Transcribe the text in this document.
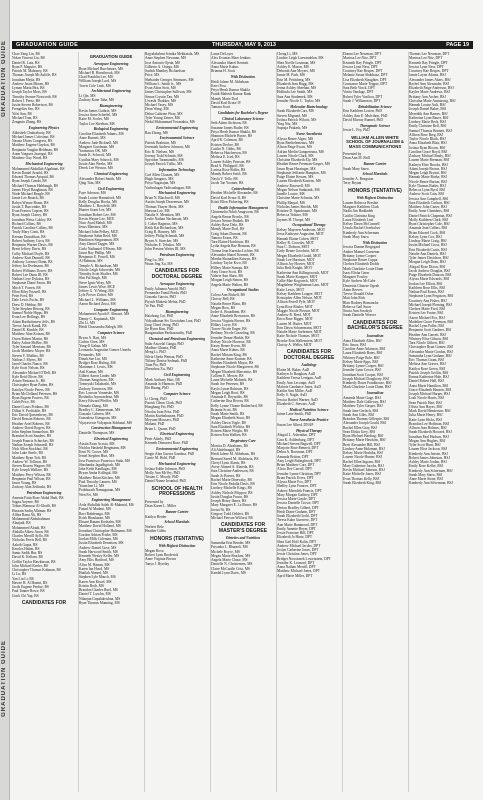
GRADUATION GUIDE
GRADUATION GUIDE
GRADUATION GUIDE	THURSDAY, MAY 9, 2013	PAGE 19
Chao Yang Lin, BS
Nolan Vincent Liu, BS
Daniel R. Lutz, BS
Ryan P. Maguire, BS
Patrick M. Mahoney, BS
Thomas Joseph McAuliffe, BS
Jonathan Mejia, BS
Andrew Jason Moran, BS
Lyman Maria Mra, BS
Joseph Taylor Moss, BS
Timothy Jerome Nosworth, BS
Robert J. Perez, BS
Justin Steven Robertson, BS
Frengelies Seo, BS
Yifei Sun, BS
Michael Tran, BS
Zengmin Zhang, BS
Engineering Physics
Abhishek Chakraborty, BS
Michael James Colosimo, BS
Nasnia Ubaes Congress, BS
Matthew Eugene Gaydon, BS
Benjamin Vaughn Heldman, BS
Aram Vazguez Jaureguí, BS
Matthew Guy Wood, BS
Mechanical Engineering
Mohammed Abdullah Algahtani, BS
Kevin Daniel Arnold, BS
Edward Thomas Ayiquid, BS
Ryan Joseph Cambi, BS
Michael Thomas Habbaugh, BS
James Floyd Baughman, BS
Wade Michael Beagle, BS
Jamie Lee Braack, BS
Robyn Wynne Braun, BS
Justin T. Burcombe, BS
Evan Francis Capron, BS
Ryan Joseph Clancy, BS
Jonathon Weiss Cokley, BS
Richard Collins, BS
Patrick Caroline Collins, BS
Trudy Mary Conti, BS
Keenan Donaldson, BS
Robert Anthony Cuva, BS
Benjamin Warner Davis, BS
Brent Jeffrey Davis, BS
Colby Michael Doyle, BS
Andrew Kurt Dunnell, BS
Anthony Lorenzo Dunn, BS
Jeffrey Ira Dvelmann, BS
Robert Williams Dower, BS
Robert Lee Dunn III, BS
Nathan Coye Dykstra, BS
Stephanie Diane Faron, BS
Mitch T. Farren, BS
Ellen Riley Frizzell, BS
Peter Fred, BS
Dale Lewis Fuchs, BS
Drew D. Hebbar, BS
Tyler Stephen Herzog, BS
Samuel Noble Hipps, BS
Evan Lee Hollings, BS
Adam Bartholomew Jeffs, BS
Trevor Jacob Kandl, BS
Daniel R. Kimble, BS
Matthew Alan Kotzan, BS
Owen Robert Martin, BS
Haley Arline McBee, BS
Tyler Samuel Merriam, BS
Jacob Matthew Moyer, BS
Steven V. Mullins, BS
Nathan J. Myers, BS
Jared Charles Nance, BS
Kyle Scott Nelson, BS
Alexander Michael O'Dell, BS
Kyle Reid Oliver, BS
Arturo Pastrana Jr., BS
Christopher Ryan Patten, BS
Katelyn Nicole Peters, BS
Brian McClelland Petersen, BS
Ryan Eugene Powers, BS
Caleb Price, BS
Daniel Louis Pridaux, BS
Dillon S. Profitable, BS
Eric David Quesenberry, BS
David Benson Roberts, BS
Heather Ariel Roberts, BS
Andrew David Rogers, BS
John Stephen Samuelson, BS
Brandon Scott Sanders, BS
Joseph Francis Schuckes, BS
Nathan Joseph Schnaedl, BS
Nick Allen Stockhof, BS
John Luke Steele, BS
Matthew Ryan Toft, BS
Andrew W. Tollison, BS
Steven Rowen Wagner, BS
Kyle Joseph Wallace, BS
Matthew Perry Wilson, BS
Benjamin Paul Wilson, BS
Jason Young, BS
Zachary Alan Zeilinski, BS
Petroleum Engineering
Amenta Fatin Rose Abdul Hadi, BS
Sagau Aoyene, BS
Tobias Mansour Al-Ghafli, BS
Hussain Sadiq Alhimar, BS
Alffea Rami Ali, BS
Mohammad Abdulrahman
Alnajadi, BS
Mohammed Alradi, BS
Abdulla Alkew Anon, BS
Charles Merrill Ayllo, BS
Nicholas Ferris Bell, BS
Aakob Gupta, BS
Kerolos Halim, BS
Samir Sadik Hur, BS
David K. Kellam, BS
Griffin Taylor Hawkinson, BS
John Michael Keeler, BS
Christopher Thomas Kuhman, BS
Li Lu, BS
Yan Lin Li, BS
Hawee H. Al Hazmi, BS
Jacob Eugene Perdue, BS
Paul Tanner Rowe, BS
Gook Chi Yap, BS
CANDIDATES FOR
GRADUATION GUIDE
Aerospace Engineering
Ryan Michael Burchmore, MS
Michael B. Hornibrook, MS
Chad Franklin Lee, MS
William Joseph Lord, MS
Travis Cole Leak, MS
Architectural Engineering
Li Qin, MS
Zachary Kane Taha, MS
Bioengineering
Kevin James Guthrie, MS
Jessica Anne Scheffel, MS
Katie M. Scoles, MS
Taylor Lee Sheehan, MS
Biological Engineering
Caroline Elizabeth Adams, MS
Anne Burnett, MS
Andrew Jude Bicknell, MS
Margaret Goodman, MS
Yaonanwa OK, MS
Sarah K. Schrock, MS
Cynthia Mary Schrock, MS
Justin Alan Weeks, MS
Derek Lee Wesson, MS
Chemical Engineering
Alexander Robert Smith, MS
Qing Tian, MS
Civil Engineering
Faye Aderson, MS
Sarah Louise Hannaford, MS
Kelly Douglas Hooks, MS
Matthew L. Hossfeld, MS
Hunter Grant Lee, MS
Jonathan Robert Lee, MS
Kevin Wayne Lee, MCE
Noor Ayad Mahdi, MS
Jesus Martinez, MS
Michael John Pelkey, MCE
Stephanie Sahin Reid, MS
Hanifaron Singaraman, MS
Amy Daniel Tagger, MS
Carlo Nathaniel O'Hearn, MS
Jason Ray Phillip, MS
Benjamin E. Powell, MS
Al Rahman, MS
Temple A. Richardson, MS
Nicole Leigh Schroeder, MS
Timothy Scott Shaffer, MS
Shri Pal Singh, MS
Steve Ignio Wray, MS
James Lewis Wise, MCE
Jeffrey G. Yi Wang, MS
Lyle Prover Zicher, MS
Michael L. Williams, MS
Aaron Richard Zrust, MS
Computer Engineering
Mohammed Ayoub F. Almasri, MS
Danny C. Kuptanuk, MS
Zhi Li, MS
Heidi Chassandra Ralegh, MS
Computer Science
Bryan A. Bast, MS
Corbin Chen, MS
Yung-Il Gahan, MS
Leonardo Augustine Gomes Umeda
Fernandes, MS
Dinah Sue Lin, MS
Bridget Rose Huling, MS
Marianne J. Lewis, MS
Anil Kumar, MS
Gilbert Aaron Linder, MS
Thomas Sangchom, MS
Tomoyuki Takahashi, MS
Zachary Tonneson, MS
Eric Lawson Vonneske, MS
Roshnika Jayawardena, MS
Kerry Edward Pfeiffer, MS
Nirmala Zhang, MS
Bradley C. Zimmerman, MS
Gonzalo Cabrera, MS
Gonzalesz Giangosta, MS
Vijayaverur Vidyapraz Siddanal, MS
Construction Management
Danielle Thompson, MS
Electrical Engineering
Austin Evan Acosta, MS
Nichlos Hashehl Bergmann, MS
Kent W. Crowe, MS
Jemel Stephen Hurt, MS
Jose Francisco Francisco Suda, MS
Shashanka Jagadhgiosh, MS
Jake Keith Kaulkigas, MS
Bryan Amba Kollegal, MS
Matthew Brian Kitchen, MS
Paul Timothy Lanzen, MS
Yuanchen Li, MS
Prabhurath Namugunan, MS
Wen Fei, MS
Engineering Management
Arda Abdullah Saleh Al-Mahmid, MS
Fanad Al Madani, MS
Ravi Rabdenaga, MS
Krish Bhaskaran, MS
Ehsani Banam Koshalm, MS
Matthew David Holland, MS
Jonathan Christopher Haltmann, MS
Gordon Adrian Frisbe, MS
Jordan Mills Coleman, MS
Justin Elizabeth Dennison, MS
Andrew Daniel Gose, MS
Sarah Harwood Smith, MS
Kenneth Wesley Keller, MS
Amy Ellis Hartford, MS
Aliya M. Hamm, MS
Karen Ian Hood, MS
Hutilah Ahmed, MS
Stephen Lyle Mauch, MS
Karen Ann Kissel, MS
Kristin Roth, MS
Brandon Charles Ruel, MS
Daniel T. Luschn, MS
Nilanjan Gopalakrishna, MS
Ryan Thomas Manning, MS
Rajyalakshmi Srinika Mekkarala, MS
Anne Stephen Newman, MS
Jose Antonio Ojeda, MS
Gilberto A. Ortega, MS
Sudish Manthry Richardson
Price, MS
Shehaider Georges Simmons, MS
William L. Smith Jr., MS
Evan Alton Stott, MS
James Christopher Sullivan, MS
Simon Crystin Tan, MS
Urvashi Thakker, MS
Michael Vasey, MS
Dean Wang, MS
Debra Cathrine Wray, MS
Tyler Young Zetner, MS
Nedal Mohammad Yovanahia, MS
Environmental Engineering
Ran Zhong, MS
Environmental Science
Patrick Brabston, MS
Jeremiah Andrew Johnson, MS
Eric R. Nielsen, MS
Jeremy Todd Schmitt, MS
Spyridon Taramanidis, MS
Joseph Patrick Tullio, MS
Information Technology
Carl Allen Clausen, MS
Hugh Anagnos, MS
Priya Nagarajan, MS
Vadivalagan Vadivazhagan, MS
Mechanical Engineering
Brian N. Blackwell, MS
Austin Joseph Deavenson, MS
Thomas Thayer Hertz, MS
Shawna Lee, MS
Natalie S. Mendoza, MS
Leslie Nathan Nachinson, MS
J. Colter Rageous, MS
Keith Kai Richardson, MS
Craig R. Ronney, MS
Jeffrey Philip Schmidt, MS
Bryan A. Stoecker, MS
Nicholas E. Tebaloo, MS
John Preston Waites III, MS
Petroleum Engineering
Ping Lu, MS
Wuan Jing Xu, MS
CANDIDATES FOR DOCTORAL DEGREE
Aerospace Engineering
Emily Julianna Arnold, PhD
Fernandez Fumil Prada, PhD
Gonzalo Garcia, PhD
Piyush Mukesh Mehta, PhD
Ye Pan, PhD
Bioengineering
Haizhong Cai, PhD
Vidyadharan Siv Gowtuhan Lara, PhD
Jong Cheol Jeong, PhD
Jie Hyun Kim, PhD
Ranganathan Parthasarathy, PhD
Chemical and Petroleum Engineering
Salar Azizvlal Ganga, PhD
Madhav Ghanta, PhD
Meng Li, PhD
Silvia Ojeda Wemaa, PhD
Tiffany Denise Sedmak, PhD
Tuan Pia, PhD
Zhenzhou Xu, PhD
Civil Engineering
Mark Anthony Hurt, DE
Amanda Jo Harmon, PhD
Ebi Huang, PhD
Computer Science
Li Cheng, PhD
Patrick Glenn Clark, PhD
Hongbang Fei, PhD
Nicolas Juan Fritz, PhD
Martin Kuehnhausen, PhD
Meysam Mousavi, PhD
Mahani, PhD
Brian L. Quanz, PhD
Electrical Engineering
Peter Adarly, PhD
Kenneth Demarest Rose, PhD
Environmental Engineering
Sergio Alan Guerra Gamboa, PhD
Carrie M. Hohl, PhD
Mechanical Engineering
Joshua Eddie Johnson, PhD
Molly Ann McVey, PhD
Tristan C. Moody, PhD
Daniel Nunez Irvanhal, PhD
SCHOOL OF HEALTH PROFESSIONS
Presented by
Dean Karen L. Miller
Banner Carrier
Kaitlyn Heider
School Marshals
Norbert Belz
Heather Gibbs
HONORS (TENTATIVE)
With Highest Distinction
Megan Bova
Robert Lynn Broderick
Anne Virginia Brown
Tanya J. Byerlay
Laura DeLoyer
Alex Evontas Mare Jenkins
Alexandra Sharel Kennett
Anna Marie Kuhns
Brianna H. Scott
With Distinction
Heidi Jalene M. Abbehaus
Kerri Foss
Priya Hersh Kumar Shukla
Pratik Mahesh Kumar Rank
Mandy Marie Dorl
David Karl Kruse IV
Tamara Scott
Candidates for Bachelor's Degree
Clinical Laboratory Science
Seth Adam Atchison, BS
Susanne James Butler, BS
Priya Hersh Kumar Shukla, BS
Shannon Michele Byrne, BS
April R. Coleman, BS
Kristen Decker, BS
Caitlin N. Gibbs, BS
Rebecca Hutcherson, BS
Melissa E. Iced, BS
Lauren Ashley Pearson, BS
Brad A. Philippoff, BS
Larissa Rose Roller, BS
Mandy Robert Swift, BS
Nayla V. Tello, BS
Jacob Tae Yoomer, BS
Cytotechnology
Heather Michelle Alexander, BS
David Karl Kruse II, BS
Kristi Ellen Pickering, BS
Health Information Management
Chinemelia Nduli Anugwom, BS
Angela Renae Brooks, BS
Jessica Nerine Budiek, BS
Ashley Rose Delo, BS
Mandy Marie Dorl, BS
Craig Adam Durrant, BS
Tamara Evans, BS
Tara Elaine Hutchison, BS
Lydia Angela Rae Hesman, BS
Tionna Jean Karnsko Lichter, BS
Alexandra Sharel Kennett, BS
Martha Shonaditen Kristyn, BS
Lindsay Taylor Kwo, BS
Hillery Marie Stamps, BS
Amy Grace Scott, BS
Valerie Ann Shaw, BS
Morgan Leigh Simon, BS
Angela Marie Walton, BS
Occupational Studies
Colera Ann Bickell, BS
Christy Bell, BS
Natalie Renee Blain, BS
Megan Boss, BS
Jodee A. Broadbent, BS
Anne Elizabeth Brownson, BS
Jessica Virginia Brown, BS
Hillary Loyer, BS
Tracee Nicole Enger, BS
Bethany Nicole Gasseling, BS
Jennifer Denae Hinkle, BS
Kelsey Nicole Hovasse, BS
Kasey Renee Kvern, BS
Anna Marie Kuhns, BS
Rachel Miriam King, BS
Katherine Anne Kramer, BS
Heather Elizabeth Mayor, BS
Stephanie Nicole Margaveen, BS
Megan Elizabeth Marcenitz, BS
Colleen E. Mercer, BS
Laura Michelle Molnerk, BS
Sarah Joe Petersen, BS
Kayla Lynae Robison, BS
Megan Leigh Roof, BS
Amanda E. Reynolds, BS
Catherine Ilisa Rivera, BS
Kelly Lynne Thome Rutherford, BS
Brianna Scott, BS
Sarah Marie Smith, BS
Megan Elizabeth Stout, BS
Ashley Dawn Vogle, BS
Sara Elizabeth Wichita, BS
Kristen Marie Wright, BS
Kristen Erin Walken, BS
Respiratory Care
Monica D. Abrahams, BS
Ali Abdelmagid, BS
Heidi Jalene M. Abbehaus, BS
Bernard Saeed M. Abdelaziz, BS
Cheryl Lynn Alanis, BS
Avery Ahmed A. Almeda, BS
Sara Christine Andersson, BS
Sarah Jo Boeres, BS
Rachel Marie Dinewsky, BS
Erin Nicole Fadulla Davis, BS
Lindsey Michelle Kings, BS
Ashley Nichole Filippov, BS
Justin Douglas Fuson, BS
Joseph Henry Ibarra, BS
Mary Margaret E. La Bruce, BS
Joetui Ni, BS
Gregory Todd Oehlert, BS
Michael Pierson Wilford, BS
CANDIDATES FOR MASTER'S DEGREE
Dietetics and Nutrition
Samantha Erin Bender, MS
Priyanka L. Bharaeli, MS
Michele Boyce, MS
Megan Marie Bracken, MS
Angela Marie Chase, MS
Danielle N. Christensen, MS
Claire McCardle Crist, MS
Kandel Lynn Davis, MS
Cheng Li, MS
Lindsie Leigh Luevandelan, MS
Shea Noelle Loutman, MS
Ashley E. Mason, MS
Deborah Ann Meyers, MS
Jamie M. Park, MS
Erin M. Pettisberg, MS
Elizabeth Jean Rugg, MS
Jenna Ashley Sheehan, MS
Hollinda Lee Smith, MS
Sara Ann Studemek, MS
Jennifer Nicole C. Taylor, MS
Molecular Biotechnology
Sarah Elizabeth Carr, MS
Steven Migrand, MS
Joshua Patrick Wilcott, MS
Ying Niu, MS
Supraja Prakash, MS
Nurse Anesthesia
Alyssa Renee Algeo, MS
Ryan Berthelemeaux, MS
Alison Paige Ewart, MS
Adrian Merlin Gampertsma, MS
Lauren Nicole Clark, MS
Christine Elizabeth Ely, MS
Heather Renee Freeman-Gasper, MS
Jason Ryan Hassinger, MS
Stephanie Jeffranie Hampton, MS
Paige Elaine Kessen, MS
Lauren Elizabeth Kastens, MS
Andrew Rosewell, MS
Megan Nelson Sunkrank, MS
Janelle Louise, MS
Christine Marie Schmitz, MS
Phillip Marpal, MS
Nicholas James Shields, MS
Kristine D. Spanbrauer, MS
Rebecca Tishner, MS
Jaymes H. Thorpe, MS
Occupational Therapy
Kelsey Mayreen Anderson, MOT
Jessa Kathryne Augustine, MOT
Hannah Elaine Cohen, MOT
Kelley R. Crowder, MOT
Sara C. Dobson, MOT
Carly Renee Goodwin, MOT
Megan Elizabeth Gould, MOT
Sarah Lee Harrison, MOT
Allison Joy Hoover, MOT
Julia Beth Knight, MOT
Katherine Ann Killingsworth, MOT
Sarah Marie Koepper, MOT
Callie Mae Kogoreck, MOT
Magdalene Wrightsman Lam, MOT
Katie Lewis, MOT
Kelsey Kathleen Lougee, MOT
Kristopher Allen Nelson, MOT
Allison Ferrell Pyle, MOT
Lynn Rose Ritzler, MOT
Maggie Nicole Pierson, MOT
Andrew R. Reed, MOT
Erica Rose Rigger, MOT
Lauren M. Rutter, MOT
Erin Dawn Schuermann, MOT
Natalie Marie Sorbrenes, MOT
Katie Nichole Thomas, MOT
Brooke Erin Wallenstein, MOT
Christy A. Weller, MOT
CANDIDATES FOR DOCTORAL DEGREE
Audiology
Elaine M. Baker, AuD
Kathryn Jo Baughan, AuD
Kathleen Teresa Lenigan, AuD
Emily Ann Lecompt, AuD
Malorie Candance Jones, AuD
Kaitlin Ann Miller, AuD
Kelly S. Nagle, AuD
Jessica Rachel Warner, AuD
Elizabeth C. Stewart, AuD
Medical Nutrition Science
Jaime Lane Smith, PhD
Nurse Anesthesia Practice
Susan Lee Allred, DNAP
Physical Therapy
Abigail L. Ashendun, DPT
Cara K. Ashlenburg, DPT
Michael Steven Bagwell, DPT
Marjorie Rose Bennett, DPT
Debra A. Boesman, DPT
Amanda Britton, DPT
Amy Leigh Bulingbrook, DPT
Brian Matthew Carr, DPT
Alicia Dee Carroll, DPT
Jennifer Lynne Christian, DPT
Brian Patrick Evers, DPT
Alyssa Marie Fox, DPT
Shelley Lynn Frances, DPT
Aubrey Meredith Francis, DPT
Mary Morgan Gaffney, DPT
Jessica Marie Gayde, DPT
Jessica Danielle Crowe, DPT
Derion Bradley Gilbert, DPT
Heidi Diane Graham, DPT
Sarah Elizabeth Grohl, DPT
Teresa Kahn Guerrero, DPT
Ann Marie Hammond, DPT
Emily Annette Heyer, DPT
Jessie Francine Hill, DPT
Elizabeth Jo Hintz, DPT
Shea Gail Hoff Kalin, DPT
Andrew Michael Jacobs, DPT
Joslyn Catherine Jones, DPT
Jessie Christina Jones, DPT
Bridget Nowotarek Lowenstein, DPT
Jennifer K. Leonard, DPT
Anna Nathan Merrill, DPT
Matthew Michael Jones, DPT
April Marie Miller, DPT
Donna Lee Newman, DPT
Marissa Lee Nitz, DPT
Kenneth Ray Pringle, DPT
Jessica Lynn Ness, DPT
Courtney Rae Respes, DPT
Melanie Susan Shabbazz, DPT
Lisa Elizabeth Slaughter, DPT
Constance Marie Teague, DPT
Sara Beth Vinck, DPT
Vinita Vandage, DPT
Robert Tyler Vasiliou, DPT
Sarah J. Williamson, DPT
Rehabilitation Science
Erin Kathleen Lorton, PhD
Ashley Ann E. Mulvihon, PhD
David Murray Runnel, PhD
Therapeutic Science
Jessie L. Fey, PhD
WILLIAM ALLEN WHITE SCHOOL OF JOURNALISM & MASS COMMUNICATIONS
Presented by
Dean Ann M. Brill
Banner Carrier
Sarah Mary Snow
School Marshals
Jennifer A. Bengston
Terry Bryant
HONORS (TENTATIVE)
With Highest Distinction
Lauren Rebecca Bresbie
Margaret Kathleen Clark
Nadia Jim Haddadeh
Caitlin Christina King
Laura Elizabeth Leaf
Kelsey Dawn McConnell
Ursula Rachel Overholser
Kimberly Ann Scherman
Sarah Mary Snow
With Distinction
Jessica Dianne Bergegard
Amber Manuel Carstenar
Brittany Lynne Cooper
Stephanie Renee Coppa
Chelsea Elizabeth Dodds
Mark Charlotte Louie Dunn
Isaac Elisha Gerar
Margaret Fowley
Kyle Andrew McCabe
Demetria Chinese Ogeah
Anim Reeves
Trevor Donald Osher
Matt John Rich
Blair Rodney Romancke
Rebecca Gail Snow
Stacia Ann Sosokyh
Sarah Danielle Weaver
CANDIDATES FOR BACHELOR'S DEGREE
Journalism
Anna Elizabeth Allen, BSJ
Eric Amos, BSJ
Caroline Anne Atkinson, BSJ
Laura Elizabeth Bates, BSJ
Whitney Paige Bole, BSJ
Kelsey Marie Epps, BSJ
Brittany Lynne Cooper, BSJ
Jennifer Lynn Crowe, BSJ
Jonathan Scott Cooper, BSJ
Joseph Michael Dougherty, BSJ
Kimberly Dawn Frankhouse, BSJ
Mark Charlotte Louie Dunn, BSJ
Journalism
Amanda Marie Gage, BSJ
Matthew Dale Galloway, BSJ
Matthew Tyler Gasper, BSJ
Sarah Jane Gerlach, BSJ
Sarah Ann Giles, BSJ
Brandon Thomas Gillespie, BSJ
Alexander Joseph Gould, BSJ
Rachel Ellen Gray, BSJ
Sean Elisha Grey, BSJ
Ryan Michael Harding, BSJ
Brittany Marie Hawkins, BSJ
Brett Alexander Hill, BSJ
Lindsey Anne Holzman, BSJ
Kelsey Marie Hoshiba, BSJ
Lauren Nicole Hunter, BSJ
Rachel Ellen Ingram, BSJ
Mary Catherine Jacobs, BSJ
Kevin Michael Johnson, BSJ
Katie Michelle Jones, BSJ
Evan Thomas Kelly, BSJ
Sarah Elizabeth King, BSJ
Thomas Lee Newman, DPT
Marissa Lee Nitz, DPT
Kenneth Ray Pringle, DPT
Jessica Lynn Ness, DPT
Courtney Rae Respes, DPT
Jamie Layne Adams, BSJ
Alexander James Akers, BSJ
Rachel Ann Alexander, BSJ
Elizabeth Paige Anderson, BSJ
Kaylee Marie Andrews, BSJ
Brittany Ann Archer, BSJ
Christina Marie Armstrong, BSJ
Hannah Louise Ault, BSJ
Joseph Daniel Baker, BSJ
Meredith Ann Barnes, BSJ
Katherine Lynn Bauer, BSJ
Lindsey Marie Beck, BSJ
Emily Christine Bell, BSJ
Samuel Thomas Bennett, BSJ
Allison Rose Berg, BSJ
Taylor Nicole Black, BSJ
Anna Elizabeth Blair, BSJ
Joshua Ryan Bloom, BSJ
Caroline Grace Boyd, BSJ
Zachary Michael Brady, BSJ
Lauren Marie Brennan, BSJ
Kathryn Elise Brooks, BSJ
Adam Joseph Brown, BSJ
Megan Leigh Bryant, BSJ
Hannah Marie Burke, BSJ
Nicole Renee Burton, BSJ
Kyle Thomas Butler, BSJ
Rebecca Lynn Byrd, BSJ
Andrew Scott Cain, BSJ
Jessica Ann Campbell, BSJ
Sara Elizabeth Carlson, BSJ
Matthew John Carter, BSJ
Emily Anne Chambers, BSJ
Daniel Patrick Chapman, BSJ
Molly Kathleen Clark, BSJ
Ryan Christopher Cole, BSJ
Amanda Jean Collins, BSJ
Brian Edward Cook, BSJ
Kelsey Lynn Cox, BSJ
Lindsay Marie Craig, BSJ
Justin Michael Cross, BSJ
Erin Elizabeth Curtis, BSJ
Natalie Ann Daniels, BSJ
Tyler James Davidson, BSJ
Morgan Leigh Dean, BSJ
Abigail Rose Dixon, BSJ
Jacob Andrew Douglas, BSJ
Paige Elizabeth Duncan, BSJ
Alyssa Marie Edwards, BSJ
Jordan Lee Elliott, BSJ
Kathleen Rose Ellis, BSJ
Nathan Paul Evans, BSJ
Stephanie Lynn Ferguson, BSJ
Courtney Ann Fisher, BSJ
Michael Joseph Fleming, BSJ
Chelsea Marie Ford, BSJ
Kristen Lee Foster, BSJ
Aaron Michael Fox, BSJ
Madeline Grace Freeman, BSJ
Rachel Lynn Fuller, BSJ
Benjamin Scott Gardner, BSJ
Heather Ann Garrett, BSJ
Whitney Elise Gibson, BSJ
Tara Nicole Gilbert, BSJ
Christopher Ryan Gomez, BSJ
Alexandra Marie Gordon, BSJ
Samantha Lynn Graham, BSJ
Eric Thomas Grant, BSJ
Melissa Ann Graves, BSJ
Kaitlyn Rose Green, BSJ
Patrick Joseph Griffin, BSJ
Emma Katherine Hale, BSJ
Daniel Robert Hall, BSJ
Anna Marie Hamilton, BSJ
Grace Elizabeth Hansen, BSJ
Joseph Michael Harper, BSJ
Leah Nicole Harris, BSJ
Sean Patrick Hart, BSJ
Olivia Ann Hayes, BSJ
Mark David Henderson, BSJ
Julia Marie Henry, BSJ
Katie Lynn Hicks, BSJ
Brandon Lee Hoffman, BSJ
Allison Jean Holmes, BSJ
Sarah Elizabeth Howard, BSJ
Jonathan Paul Hudson, BSJ
Megan Ann Hughes, BSJ
Tyler Scott Hunt, BSJ
Lauren Elise Jackson, BSJ
Kimberly Ann Jensen, BSJ
Robert James Johnston, BSJ
Ashley Marie Jordan, BSJ
Emily Rose Keller, BSJ
Kimberly Ann Scherman, BSJ
Sarah Mary Snow, BSJ
Anne Marie Stone, BSJ
Kimberly Ann Silverman, BSJ
